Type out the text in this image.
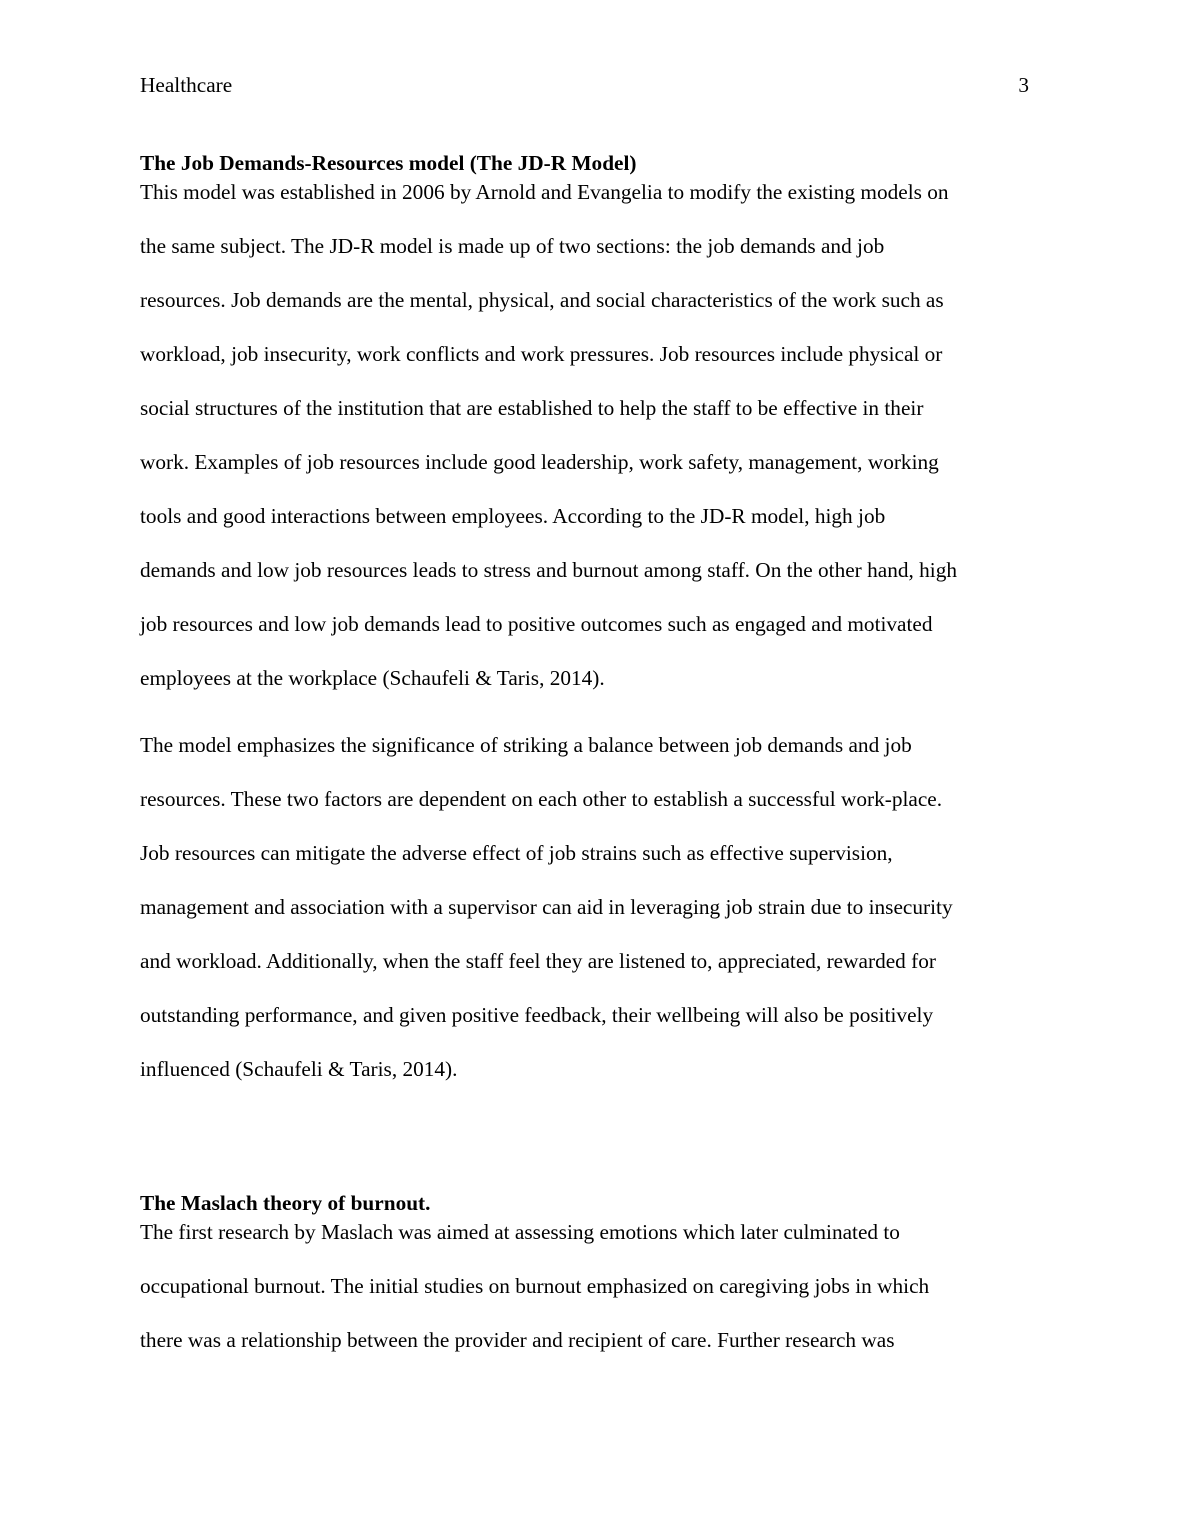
Healthcare	3
The Job Demands-Resources model (The JD-R Model)
This model was established in 2006 by Arnold and Evangelia to modify the existing models on
the same subject. The JD-R model is made up of two sections: the job demands and job
resources. Job demands are the mental, physical, and social characteristics of the work such as
workload, job insecurity, work conflicts and work pressures. Job resources include physical or
social structures of the institution that are established to help the staff to be effective in their
work. Examples of job resources include good leadership, work safety, management, working
tools and good interactions between employees. According to the JD-R model, high job
demands and low job resources leads to stress and burnout among staff. On the other hand, high
job resources and low job demands lead to positive outcomes such as engaged and motivated
employees at the workplace (Schaufeli & Taris, 2014).
The model emphasizes the significance of striking a balance between job demands and job
resources. These two factors are dependent on each other to establish a successful work-place.
Job resources can mitigate the adverse effect of job strains such as effective supervision,
management and association with a supervisor can aid in leveraging job strain due to insecurity
and workload. Additionally, when the staff feel they are listened to, appreciated, rewarded for
outstanding performance, and given positive feedback, their wellbeing will also be positively
influenced (Schaufeli & Taris, 2014).
The Maslach theory of burnout.
The first research by Maslach was aimed at assessing emotions which later culminated to
occupational burnout. The initial studies on burnout emphasized on caregiving jobs in which
there was a relationship between the provider and recipient of care. Further research was
